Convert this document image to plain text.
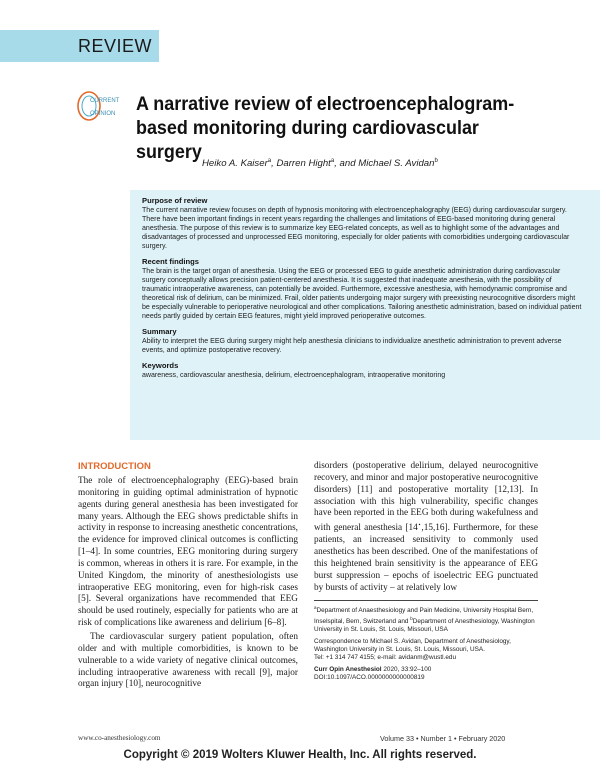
REVIEW
CURRENT
OPINION A narrative review of electroencephalogram-based monitoring during cardiovascular surgery
Heiko A. Kaiser$^a$, Darren Hight$^a$, and Michael S. Avidan$^b$
Purpose of review

The current narrative review focuses on depth of hypnosis monitoring with electroencephalography (EEG) during cardiovascular surgery. There have been important findings in recent years regarding the challenges and limitations of EEG-based monitoring during general anesthesia. The purpose of this review is to summarize key EEG-related concepts, as well as to highlight some of the advantages and disadvantages of processed and unprocessed EEG monitoring, especially for older patients with comorbidities undergoing cardiovascular surgery.

Recent findings

The brain is the target organ of anesthesia. Using the EEG or processed EEG to guide anesthetic administration during cardiovascular surgery conceptually allows precision patient-centered anesthesia. It is suggested that inadequate anesthesia, with the possibility of traumatic intraoperative awareness, can potentially be avoided. Furthermore, excessive anesthesia, with hemodynamic compromise and theoretical risk of delirium, can be minimized. Frail, older patients undergoing major surgery with preexisting neurocognitive disorders might be especially vulnerable to perioperative neurological and other complications. Tailoring anesthetic administration, based on individual patient needs partly guided by certain EEG features, might yield improved perioperative outcomes.

Summary

Ability to interpret the EEG during surgery might help anesthesia clinicians to individualize anesthetic administration to prevent adverse events, and optimize postoperative recovery.

Keywords

awareness, cardiovascular anesthesia, delirium, electroencephalogram, intraoperative monitoring

INTRODUCTION

The role of electroencephalography (EEG)-based brain monitoring in guiding optimal administration of hypnotic agents during general anesthesia has been investigated for many years. Although the EEG shows predictable shifts in activity in response to increasing anesthetic concentrations, the evidence for improved clinical outcomes is conflicting [1–4]. In some countries, EEG monitoring during surgery is common, whereas in others it is rare. For example, in the United Kingdom, the minority of anesthesiologists use intraoperative EEG monitoring, even for high-risk cases [5]. Several organizations have recommended that EEG should be used routinely, especially for patients who are at risk of complications like awareness and delirium [6–8].

The cardiovascular surgery patient population, often older and with multiple comorbidities, is known to be vulnerable to a wide variety of negative clinical outcomes, including intraoperative awareness with recall [9], major organ injury [10], neurocognitive

disorders (postoperative delirium, delayed neurocognitive recovery, and minor and major postoperative neurocognitive disorders) [11] and postoperative mortality [12,13]. In association with this high vulnerability, specific changes have been reported in the EEG both during wakefulness and with general anesthesia [14▪,15,16]. Furthermore, for these patients, an increased sensitivity to commonly used anesthetics has been described. One of the manifestations of this heightened brain sensitivity is the appearance of EEG burst suppression – epochs of isoelectric EEG punctuated by bursts of activity – at relatively low

$^a$Department of Anaesthesiology and Pain Medicine, University Hospital Bern, Inselspital, Bern, Switzerland and $^b$Department of Anesthesiology, Washington University in St. Louis, St. Louis, Missouri, USA

Correspondence to Michael S. Avidan, Department of Anesthesiology, Washington University in St. Louis, St. Louis, Missouri, USA.
Tel: +1 314 747 4155; e-mail: avidanm@wustl.edu

Curr Opin Anesthesiol 2020, 33:92–100

DOI:10.1097/ACO.0000000000000819

www.co-anesthesiology.com	Volume 33 • Number 1 • February 2020
Copyright © 2019 Wolters Kluwer Health, Inc. All rights reserved.
